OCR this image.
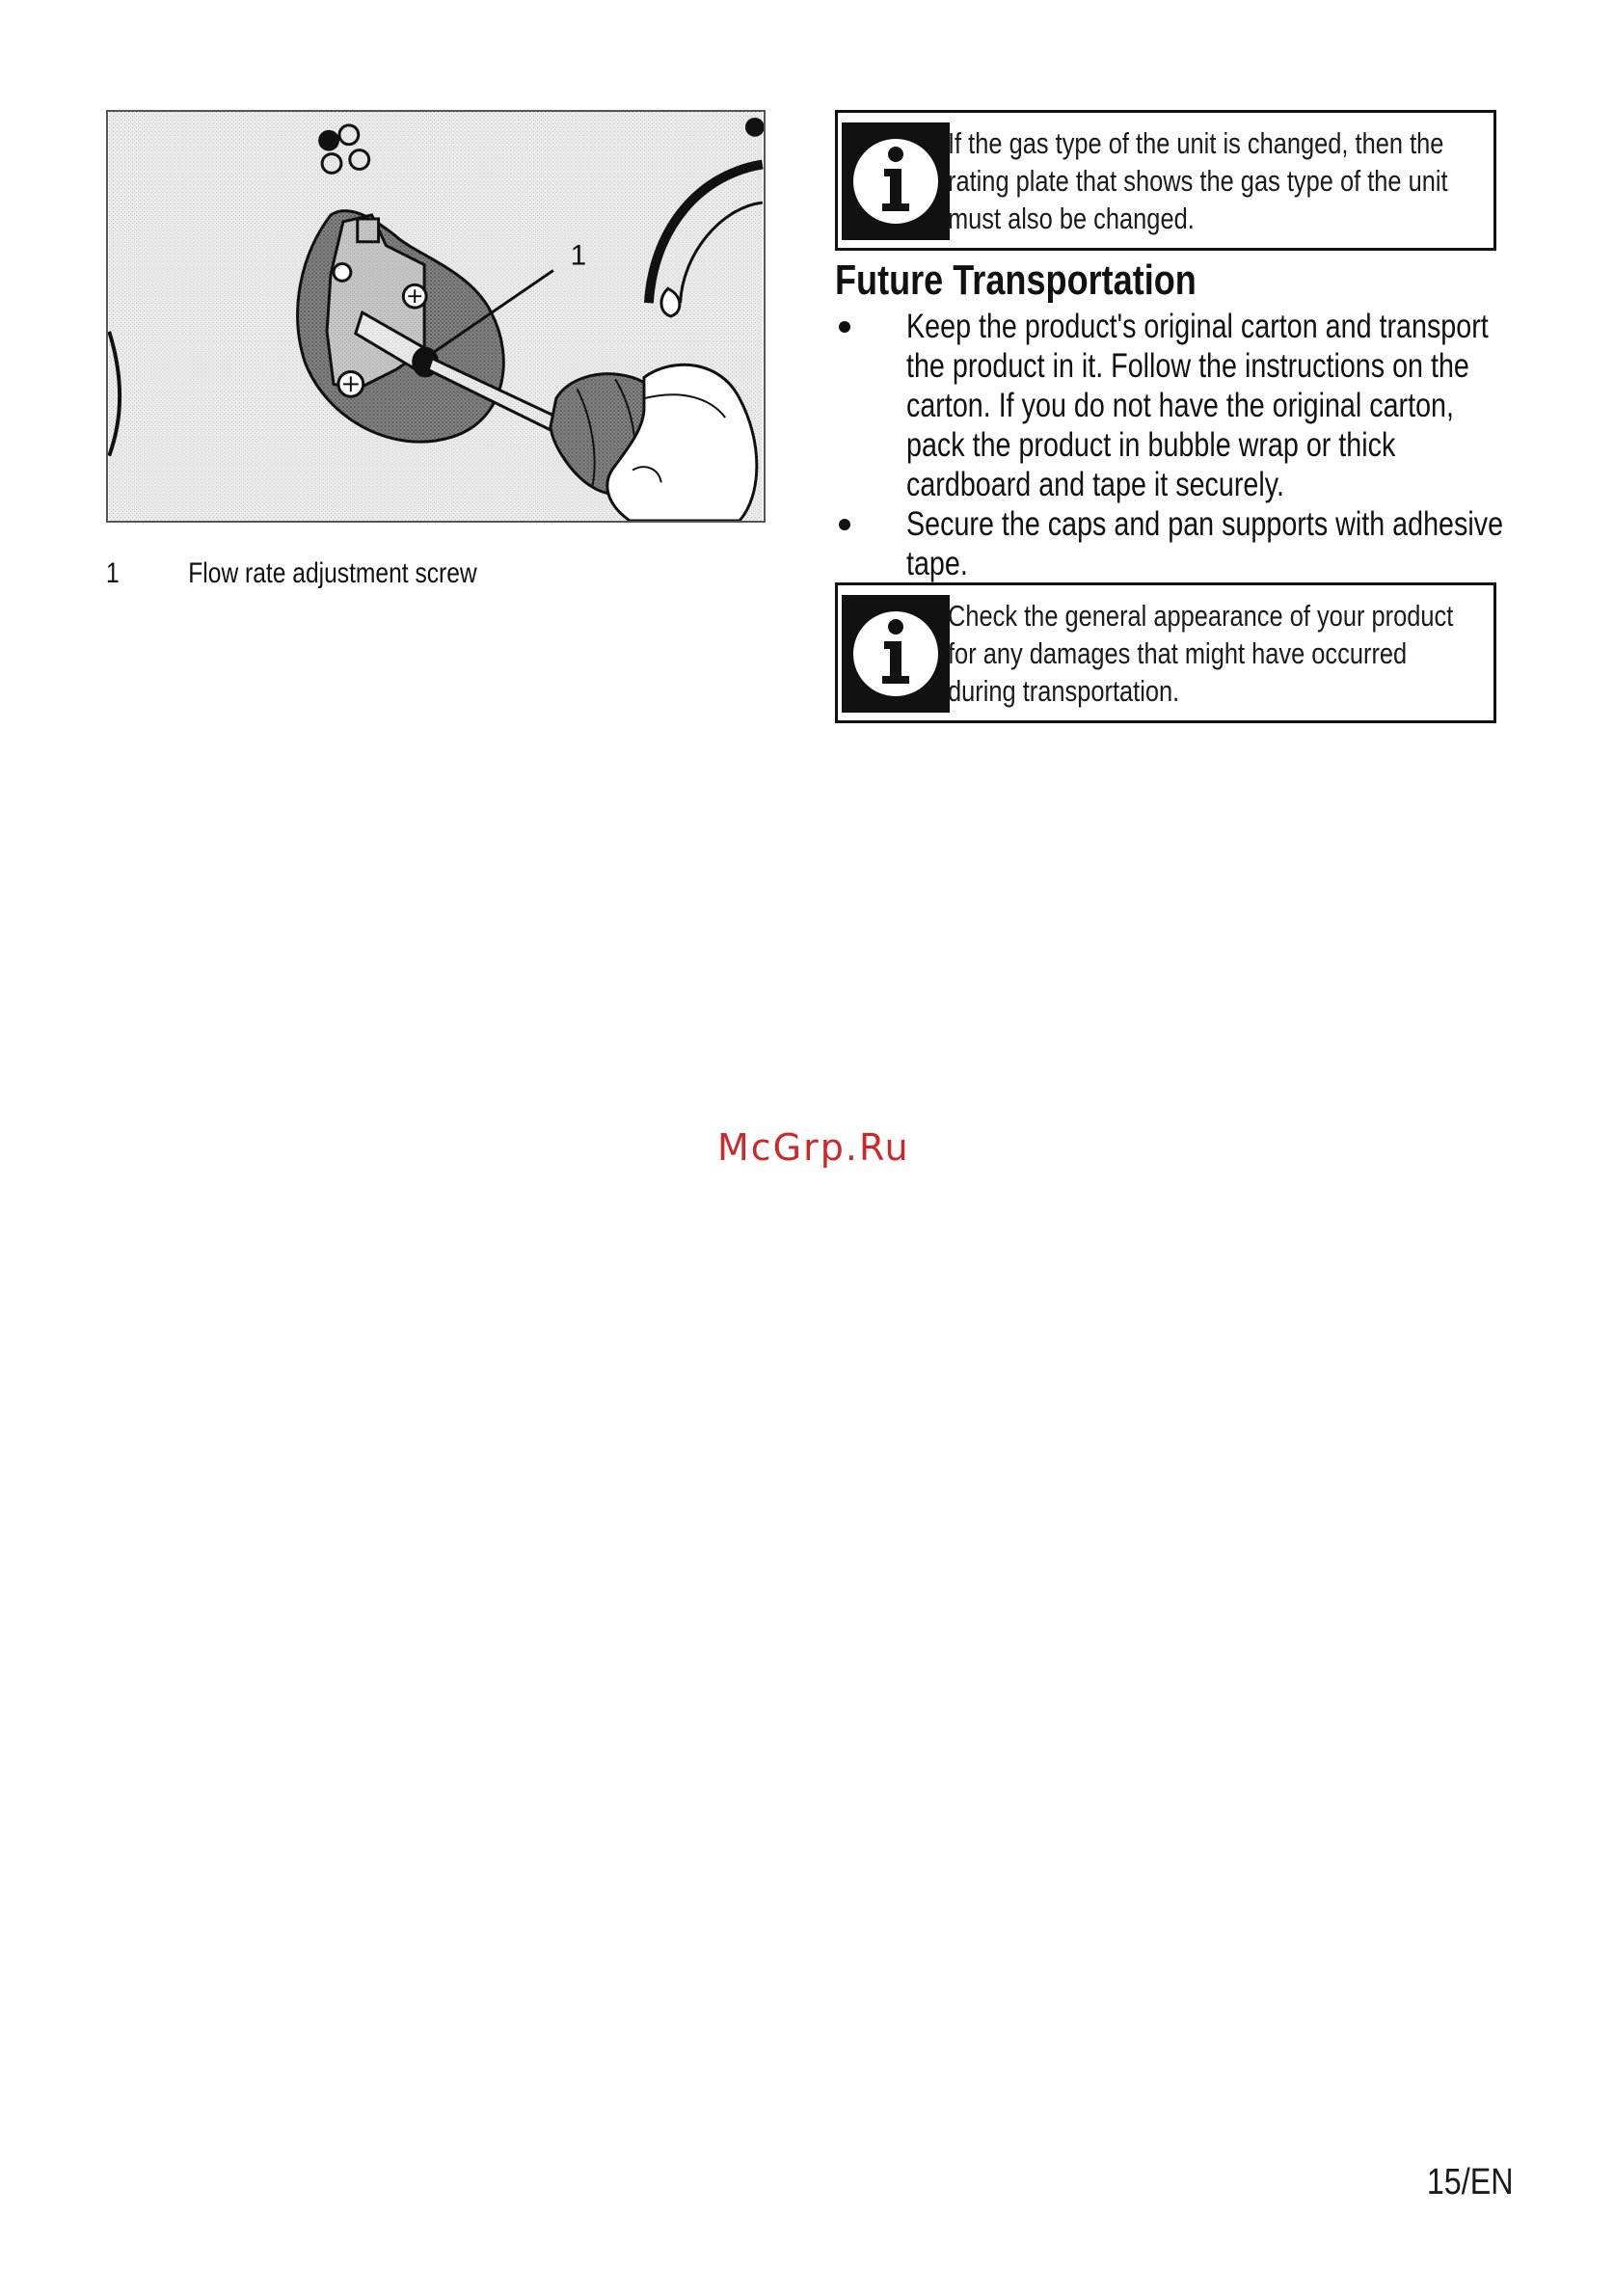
1
1 Flow rate adjustment screw
If the gas type of the unit is changed, then the
rating plate that shows the gas type of the unit
must also be changed.
Future Transportation
Keep the product's original carton and transport
the product in it. Follow the instructions on the
carton. If you do not have the original carton,
pack the product in bubble wrap or thick
cardboard and tape it securely.
Secure the caps and pan supports with adhesive
tape.
Check the general appearance of your product
for any damages that might have occurred
during transportation.
McGrp.Ru
15/EN
